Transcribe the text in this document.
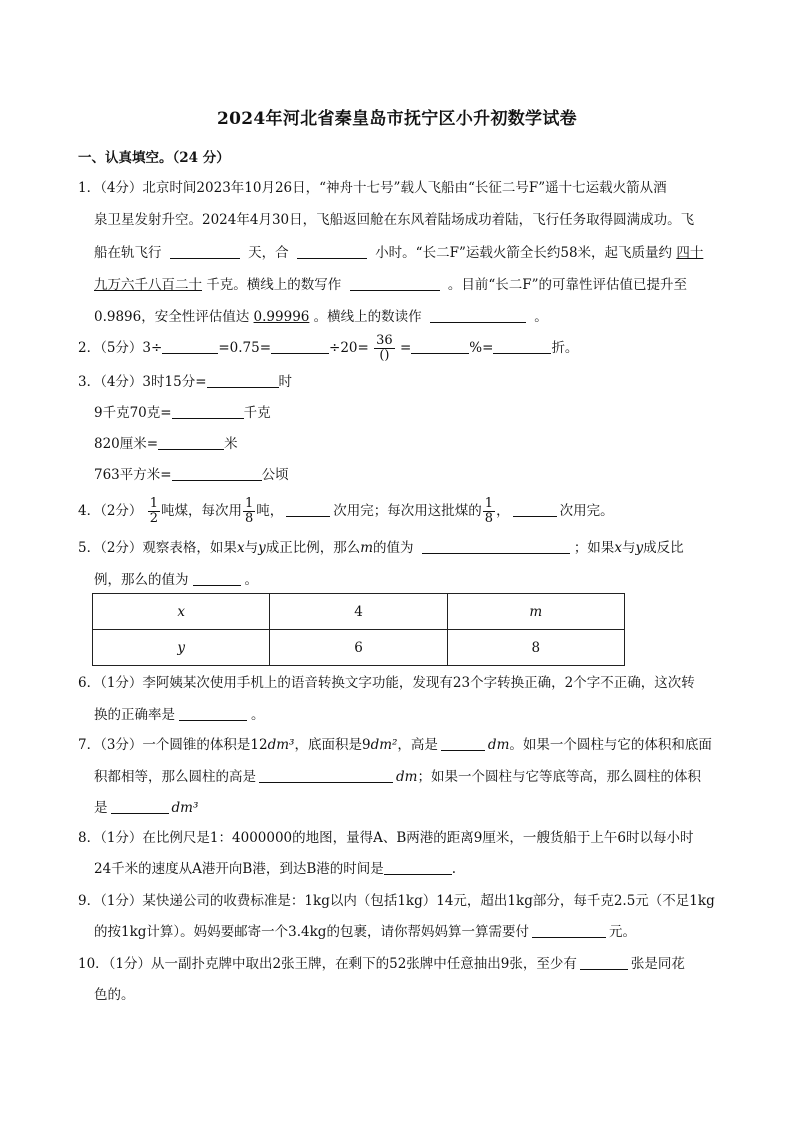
2024年河北省秦皇岛市抚宁区小升初数学试卷
一、认真填空。（24 分）
1．（4分）北京时间2023年10月26日，“神舟十七号”载人飞船由“长征二号F”遥十七运载火箭从酒
泉卫星发射升空。2024年4月30日，飞船返回舱在东风着陆场成功着陆，飞行任务取得圆满成功。飞
船在轨飞行	天，合	小时。“长二F”运载火箭全长约58米，起飞质量约 四十
九万六千八百二十 千克。横线上的数写作	。目前“长二F”的可靠性评估值已提升至
0.9896，安全性评估值达 0.99996 。横线上的数读作	。
2．（5分）3÷	=0.75=	$\div 20= \frac{36}{()}$ =	%=	折。
3．（4分）3时15分=	时
9千克70克=	千克
820厘米=	米
763平方米=	公顷
4．（2分） $\frac{1}{2}$ 吨煤，每次用 $\frac{1}{8}$ 吨，	次用完；每次用这批煤的 $\frac{1}{8}$ ，	次用完。
5．（2分）观察表格，如果x与y成正比例，那么m的值为	；如果x与y成反比
例，那么的值为	。
x	4	m
y	6	8
6．（1分）李阿姨某次使用手机上的语音转换文字功能，发现有23个字转换正确，2个字不正确，这次转
换的正确率是	。
7．（3分）一个圆锥的体积是12dm³，底面积是9dm²，高是	dm。如果一个圆柱与它的体积和底面
积都相等，那么圆柱的高是	dm；如果一个圆柱与它等底等高，那么圆柱的体积
是	dm³
8．（1分）在比例尺是1：4000000的地图，量得A、B两港的距离9厘米，一艘货船于上午6时以每小时
24千米的速度从A港开向B港，到达B港的时间是	.
9．（1分）某快递公司的收费标准是：1kg以内（包括1kg）14元，超出1kg部分，每千克2.5元（不足1kg
的按1kg计算）。妈妈要邮寄一个3.4kg的包裹，请你帮妈妈算一算需要付	元。
10．（1分）从一副扑克牌中取出2张王牌，在剩下的52张牌中任意抽出9张，至少有	张是同花
色的。
